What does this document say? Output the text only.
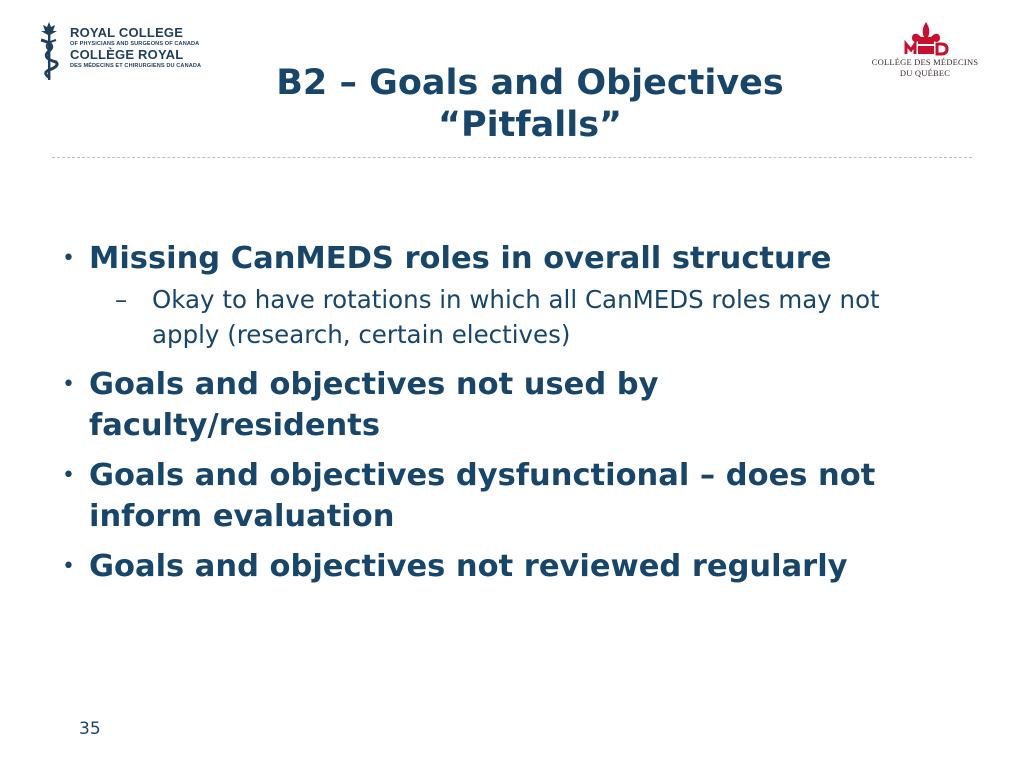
ROYAL COLLEGE
OF PHYSICIANS AND SURGEONS OF CANADA
COLLÈGE ROYAL
DES MÉDECINS ET CHIRURGIENS DU CANADA	COLLÈGE DES MÉDECINS
DU QUÉBEC
B2 – Goals and Objectives
“Pitfalls”
• Missing CanMEDS roles in overall structure
– Okay to have rotations in which all CanMEDS roles may not apply (research, certain electives)
• Goals and objectives not used by faculty/residents
• Goals and objectives dysfunctional – does not inform evaluation
• Goals and objectives not reviewed regularly
35
